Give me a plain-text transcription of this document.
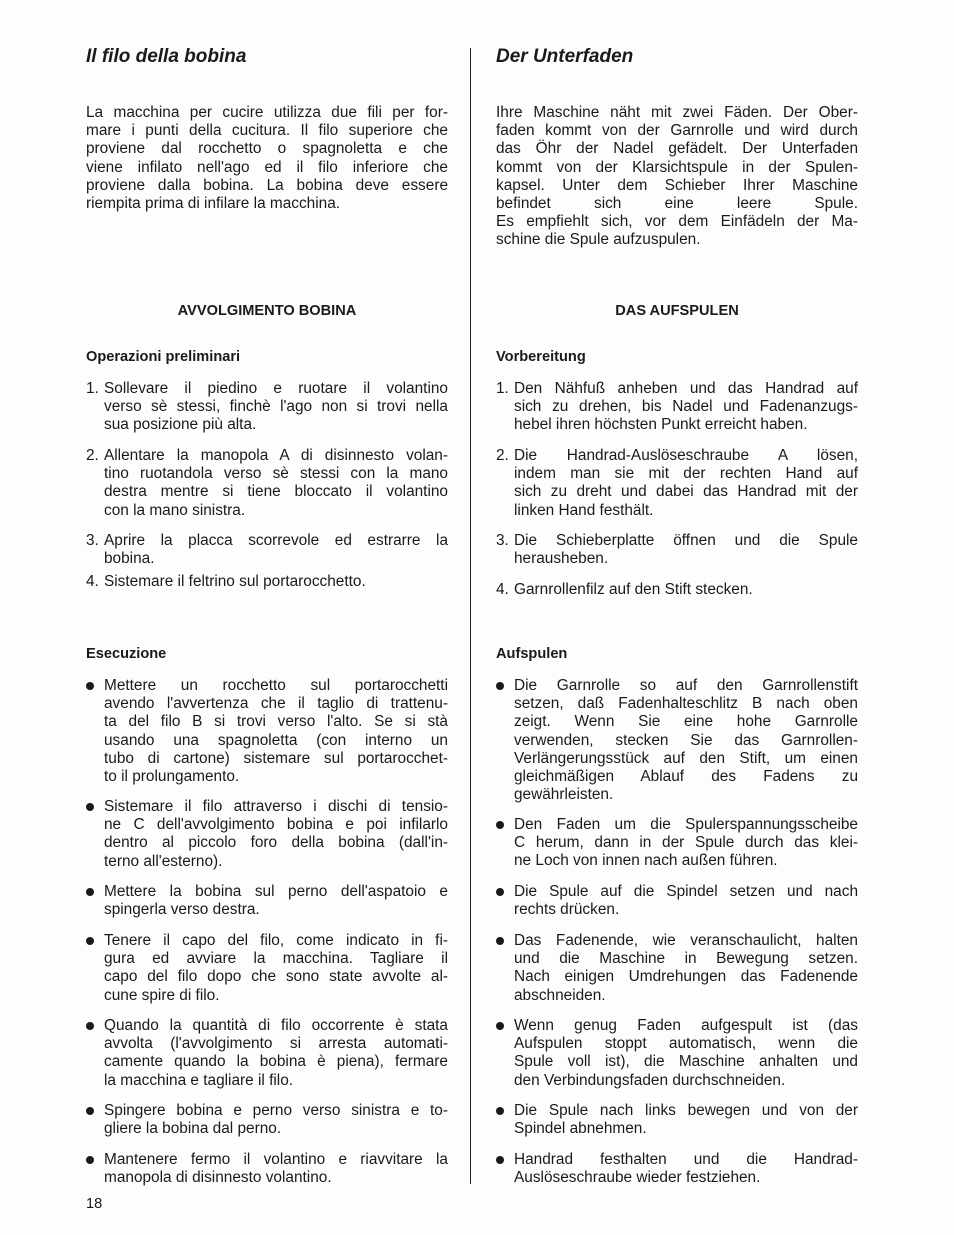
Il filo della bobina

La macchina per cucire utilizza due fili per for-
mare i punti della cucitura. Il filo superiore che
proviene dal rocchetto o spagnoletta e che
viene infilato nell'ago ed il filo inferiore che
proviene dalla bobina. La bobina deve essere
riempita prima di infilare la macchina.

AVVOLGIMENTO BOBINA
Operazioni preliminari
1. Sollevare il piedino e ruotare il volantino
verso sè stessi, finchè l'ago non si trovi nella
sua posizione più alta.
2. Allentare la manopola A di disinnesto volan-
tino ruotandola verso sè stessi con la mano
destra mentre si tiene bloccato il volantino
con la mano sinistra.
3. Aprire la placca scorrevole ed estrarre la
bobina.
4. Sistemare il feltrino sul portarocchetto.
Esecuzione
Mettere un rocchetto sul portarocchetti
avendo l'avvertenza che il taglio di trattenu-
ta del filo B si trovi verso l'alto. Se si stà
usando una spagnoletta (con interno un
tubo di cartone) sistemare sul portarocchet-
to il prolungamento.
Sistemare il filo attraverso i dischi di tensio-
ne C dell'avvolgimento bobina e poi infilarlo
dentro al piccolo foro della bobina (dall'in-
terno all'esterno).
Mettere la bobina sul perno dell'aspatoio e
spingerla verso destra.
Tenere il capo del filo, come indicato in fi-
gura ed avviare la macchina. Tagliare il
capo del filo dopo che sono state avvolte al-
cune spire di filo.
Quando la quantità di filo occorrente è stata
avvolta (l'avvolgimento si arresta automati-
camente quando la bobina è piena), fermare
la macchina e tagliare il filo.
Spingere bobina e perno verso sinistra e to-
gliere la bobina dal perno.
Mantenere fermo il volantino e riavvitare la
manopola di disinnesto volantino.
Der Unterfaden

Ihre Maschine näht mit zwei Fäden. Der Ober-
faden kommt von der Garnrolle und wird durch
das Öhr der Nadel gefädelt. Der Unterfaden
kommt von der Klarsichtspule in der Spulen-
kapsel. Unter dem Schieber Ihrer Maschine
befindet sich eine leere Spule.
Es empfiehlt sich, vor dem Einfädeln der Ma-
schine die Spule aufzuspulen.

DAS AUFSPULEN
Vorbereitung
1. Den Nähfuß anheben und das Handrad auf
sich zu drehen, bis Nadel und Fadenanzugs-
hebel ihren höchsten Punkt erreicht haben.
2. Die Handrad-Auslöseschraube A lösen,
indem man sie mit der rechten Hand auf
sich zu dreht und dabei das Handrad mit der
linken Hand festhält.
3. Die Schieberplatte öffnen und die Spule
herausheben.
4. Garnrollenfilz auf den Stift stecken.
Aufspulen
Die Garnrolle so auf den Garnrollenstift
setzen, daß Fadenhalteschlitz B nach oben
zeigt. Wenn Sie eine hohe Garnrolle
verwenden, stecken Sie das Garnrollen-
Verlängerungsstück auf den Stift, um einen
gleichmäßigen Ablauf des Fadens zu
gewährleisten.
Den Faden um die Spulerspannungsscheibe
C herum, dann in der Spule durch das klei-
ne Loch von innen nach außen führen.
Die Spule auf die Spindel setzen und nach
rechts drücken.
Das Fadenende, wie veranschaulicht, halten
und die Maschine in Bewegung setzen.
Nach einigen Umdrehungen das Fadenende
abschneiden.
Wenn genug Faden aufgespult ist (das
Aufspulen stoppt automatisch, wenn die
Spule voll ist), die Maschine anhalten und
den Verbindungsfaden durchschneiden.
Die Spule nach links bewegen und von der
Spindel abnehmen.
Handrad festhalten und die Handrad-
Auslöseschraube wieder festziehen.
18
